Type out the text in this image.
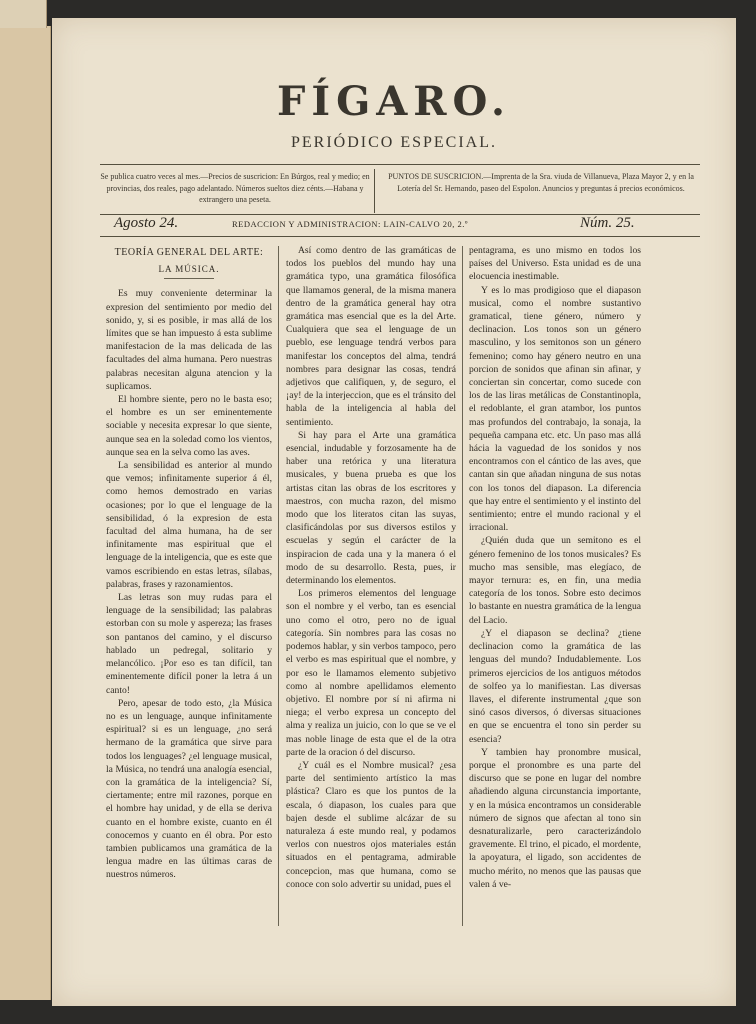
FÍGARO.
PERIÓDICO ESPECIAL.
Se publica cuatro veces al mes.—Precios de suscricion: En Búrgos, real y medio; en provincias, dos reales, pago adelantado. Números sueltos diez cénts.—Habana y extrangero una peseta.
PUNTOS DE SUSCRICION.—Imprenta de la Sra. viuda de Villanueva, Plaza Mayor 2, y en la Lotería del Sr. Hernando, paseo del Espolon. Anuncios y preguntas á precios económicos.
Agosto 24.	REDACCION Y ADMINISTRACION: LAIN-CALVO 20, 2.º	Núm. 25.
TEORÍA GENERAL DEL ARTE:
LA MÚSICA.

Es muy conveniente determinar la expresion del sentimiento por medio del sonido, y, si es posible, ir mas allá de los límites que se han impuesto á esta sublime manifestacion de la mas delicada de las facultades del alma humana. Pero nuestras palabras necesitan alguna atencion y la suplicamos.

El hombre siente, pero no le basta eso; el hombre es un ser eminentemente sociable y necesita expresar lo que siente, aunque sea en la soledad como los vientos, aunque sea en la selva como las aves.

La sensibilidad es anterior al mundo que vemos; infinitamente superior á él, como hemos demostrado en varias ocasiones; por lo que el lenguage de la sensibilidad, ó la expresion de esta facultad del alma humana, ha de ser infinitamente mas espiritual que el lenguage de la inteligencia, que es este que vamos escribiendo en estas letras, sílabas, palabras, frases y razonamientos.

Las letras son muy rudas para el lenguage de la sensibilidad; las palabras estorban con su mole y aspereza; las frases son pantanos del camino, y el discurso hablado un pedregal, solitario y melancólico. ¡Por eso es tan difícil, tan eminentemente difícil poner la letra á un canto!

Pero, apesar de todo esto, ¿la Música no es un lenguage, aunque infinitamente espiritual? si es un lenguage, ¿no será hermano de la gramática que sirve para todos los lenguages? ¿el lenguage musical, la Música, no tendrá una analogía esencial, con la gramática de la inteligencia? Sí, ciertamente; entre mil razones, porque en el hombre hay unidad, y de ella se deriva cuanto en el hombre existe, cuanto en él conocemos y cuanto en él obra. Por esto tambien publicamos una gramática de la lengua madre en las últimas caras de nuestros números.

Así como dentro de las gramáticas de todos los pueblos del mundo hay una gramática typo, una gramática filosófica que llamamos general, de la misma manera dentro de la gramática general hay otra gramática mas esencial que es la del Arte. Cualquiera que sea el lenguage de un pueblo, ese lenguage tendrá verbos para manifestar los conceptos del alma, tendrá nombres para designar las cosas, tendrá adjetivos que califiquen, y, de seguro, el ¡ay! de la interjeccion, que es el tránsito del habla de la inteligencia al habla del sentimiento.

Si hay para el Arte una gramática esencial, indudable y forzosamente ha de haber una retórica y una literatura musicales, y buena prueba es que los artistas citan las obras de los escritores y maestros, con mucha razon, del mismo modo que los literatos citan las suyas, clasificándolas por sus diversos estilos y escuelas y según el carácter de la inspiracion de cada una y la manera ó el modo de su desarrollo. Resta, pues, ir determinando los elementos.

Los primeros elementos del lenguage son el nombre y el verbo, tan es esencial uno como el otro, pero no de igual categoría. Sin nombres para las cosas no podemos hablar, y sin verbos tampoco, pero el verbo es mas espiritual que el nombre, y por eso le llamamos elemento subjetivo como al nombre apellidamos elemento objetivo. El nombre por sí ni afirma ni niega; el verbo expresa un concepto del alma y realiza un juicio, con lo que se ve el mas noble linage de esta que el de la otra parte de la oracion ó del discurso.

¿Y cuál es el Nombre musical? ¿esa parte del sentimiento artístico la mas plástica? Claro es que los puntos de la escala, ó diapason, los cuales para que bajen desde el sublime alcázar de su naturaleza á este mundo real, y podamos verlos con nuestros ojos materiales están situados en el pentagrama, admirable concepcion, mas que humana, como se conoce con solo advertir su unidad, pues el

pentagrama, es uno mismo en todos los países del Universo. Esta unidad es de una elocuencia inestimable.

Y es lo mas prodigioso que el diapason musical, como el nombre sustantivo gramatical, tiene género, número y declinacion. Los tonos son un género masculino, y los semitonos son un género femenino; como hay género neutro en una porcion de sonidos que afinan sin afinar, y conciertan sin concertar, como sucede con los de las liras metálicas de Constantinopla, el redoblante, el gran atambor, los puntos mas profundos del contrabajo, la sonaja, la pequeña campana etc. etc. Un paso mas allá hácia la vaguedad de los sonidos y nos encontramos con el cántico de las aves, que cantan sin que añadan ninguna de sus notas con los tonos del diapason. La diferencia que hay entre el sentimiento y el instinto del sentimiento; entre el mundo racional y el irracional.

¿Quién duda que un semitono es el género femenino de los tonos musicales? Es mucho mas sensible, mas elegíaco, de mayor ternura: es, en fin, una media categoría de los tonos. Sobre esto decimos lo bastante en nuestra gramática de la lengua del Lacio.

¿Y el diapason se declina? ¿tiene declinacion como la gramática de las lenguas del mundo? Indudablemente. Los primeros ejercicios de los antiguos métodos de solfeo ya lo manifiestan. Las diversas llaves, el diferente instrumental ¿que son sinó casos diversos, ó diversas situaciones en que se encuentra el tono sin perder su esencia?

Y tambien hay pronombre musical, porque el pronombre es una parte del discurso que se pone en lugar del nombre añadiendo alguna circunstancia importante, y en la música encontramos un considerable número de signos que afectan al tono sin desnaturalizarle, pero caracterizándolo gravemente. El trino, el picado, el mordente, la apoyatura, el ligado, son accidentes de mucho mérito, no menos que las pausas que valen á ve-
